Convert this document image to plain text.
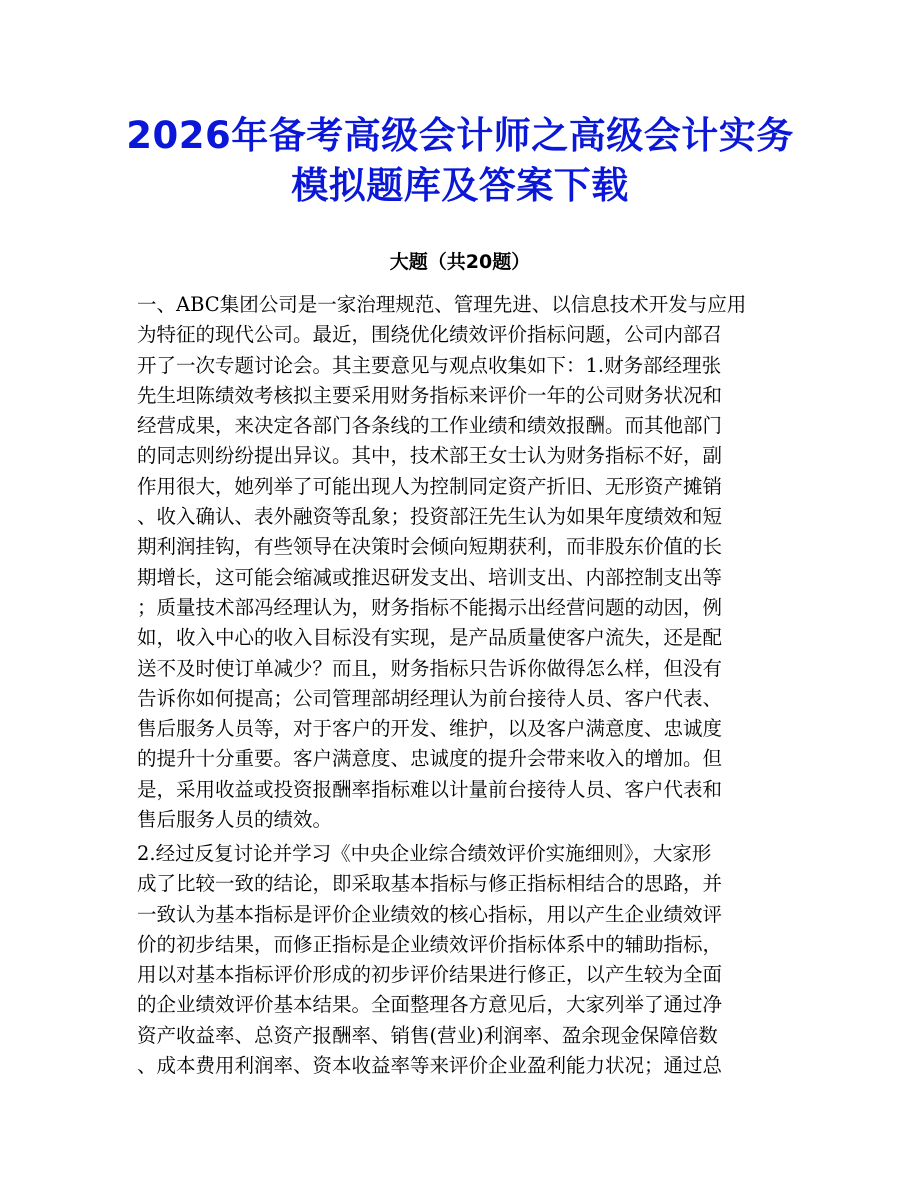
2026年备考高级会计师之高级会计实务
模拟题库及答案下载
大题（共20题）
一、ABC集团公司是一家治理规范、管理先进、以信息技术开发与应用
为特征的现代公司。最近，围绕优化绩效评价指标问题，公司内部召
开了一次专题讨论会。其主要意见与观点收集如下：1.财务部经理张
先生坦陈绩效考核拟主要采用财务指标来评价一年的公司财务状况和
经营成果，来决定各部门各条线的工作业绩和绩效报酬。而其他部门
的同志则纷纷提出异议。其中，技术部王女士认为财务指标不好，副
作用很大，她列举了可能出现人为控制同定资产折旧、无形资产摊销
、收入确认、表外融资等乱象；投资部汪先生认为如果年度绩效和短
期利润挂钩，有些领导在决策时会倾向短期获利，而非股东价值的长
期增长，这可能会缩减或推迟研发支出、培训支出、内部控制支出等
；质量技术部冯经理认为，财务指标不能揭示出经营问题的动因，例
如，收入中心的收入目标没有实现，是产品质量使客户流失，还是配
送不及时使订单减少？而且，财务指标只告诉你做得怎么样，但没有
告诉你如何提高；公司管理部胡经理认为前台接待人员、客户代表、
售后服务人员等，对于客户的开发、维护，以及客户满意度、忠诚度
的提升十分重要。客户满意度、忠诚度的提升会带来收入的增加。但
是，采用收益或投资报酬率指标难以计量前台接待人员、客户代表和
售后服务人员的绩效。
2.经过反复讨论并学习《中央企业综合绩效评价实施细则》，大家形
成了比较一致的结论，即采取基本指标与修正指标相结合的思路，并
一致认为基本指标是评价企业绩效的核心指标，用以产生企业绩效评
价的初步结果，而修正指标是企业绩效评价指标体系中的辅助指标，
用以对基本指标评价形成的初步评价结果进行修正，以产生较为全面
的企业绩效评价基本结果。全面整理各方意见后，大家列举了通过净
资产收益率、总资产报酬率、销售(营业)利润率、盈余现金保障倍数
、成本费用利润率、资本收益率等来评价企业盈利能力状况；通过总
